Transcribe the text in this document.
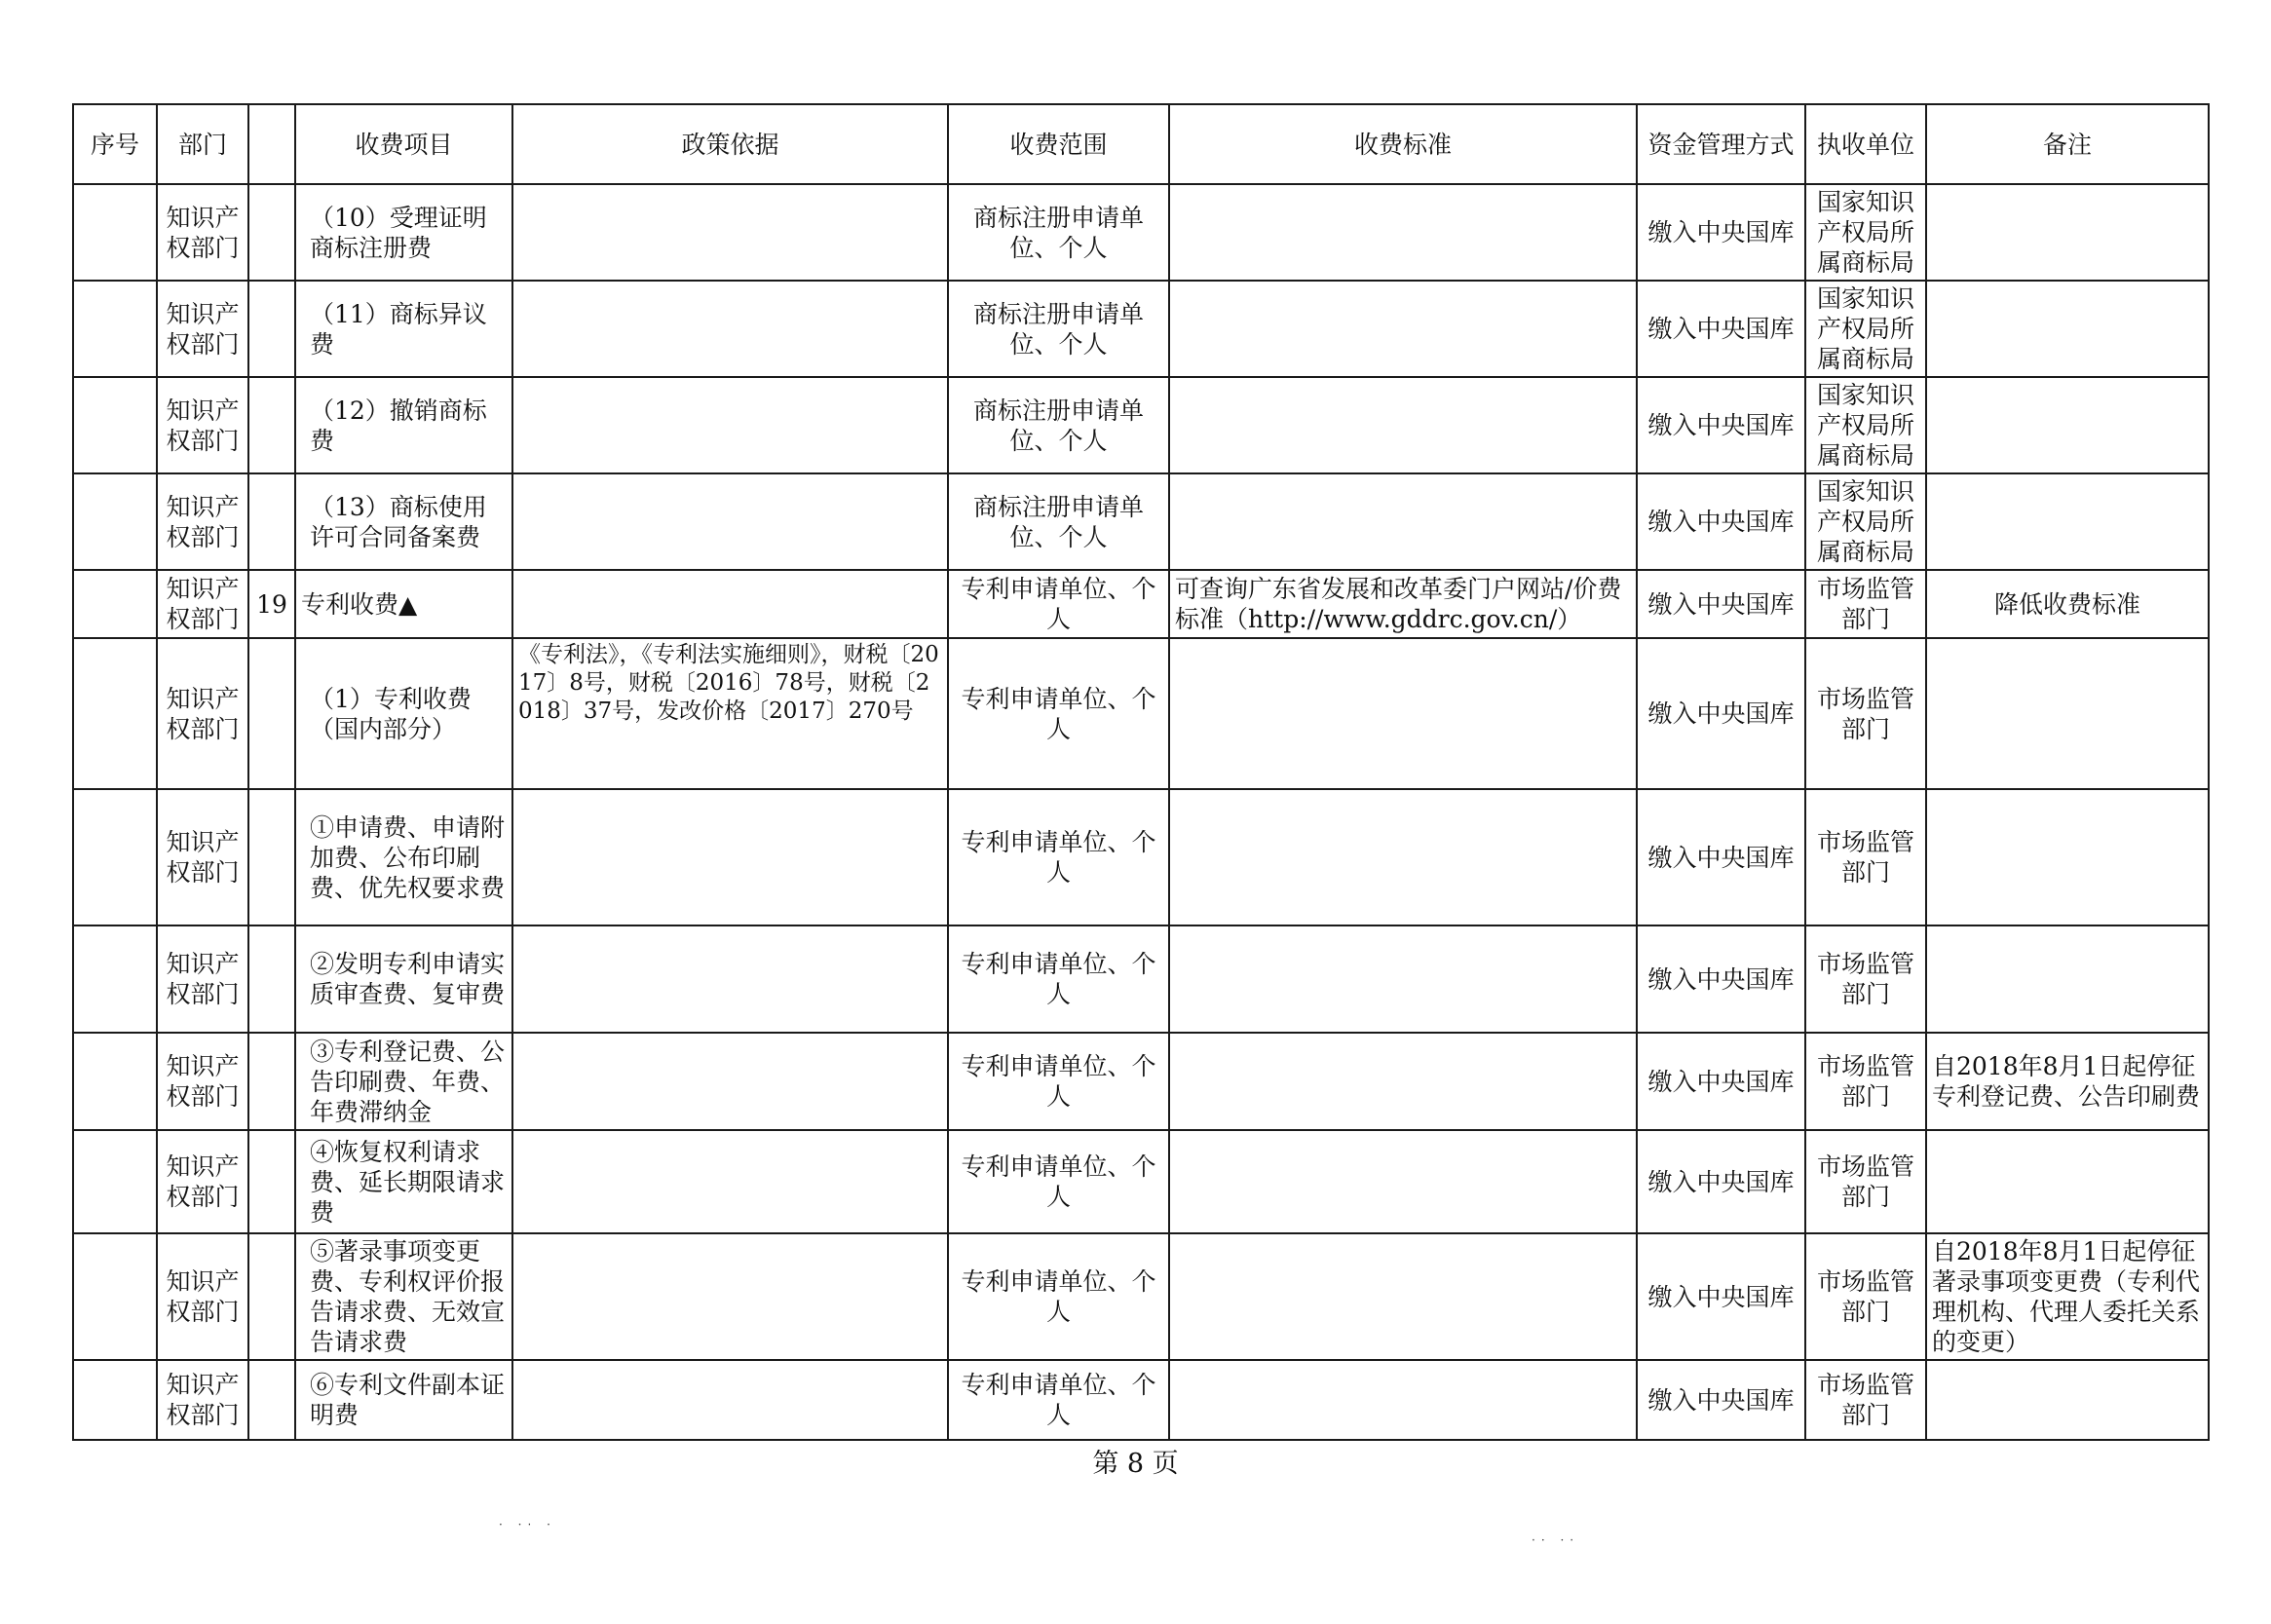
序号	部门		收费项目	政策依据	收费范围	收费标准	资金管理方式	执收单位	备注
	知识产权部门		（10）受理证明商标注册费		商标注册申请单位、个人		缴入中央国库	国家知识产权局所属商标局	
	知识产权部门		（11）商标异议费		商标注册申请单位、个人		缴入中央国库	国家知识产权局所属商标局	
	知识产权部门		（12）撤销商标费		商标注册申请单位、个人		缴入中央国库	国家知识产权局所属商标局	
	知识产权部门		（13）商标使用许可合同备案费		商标注册申请单位、个人		缴入中央国库	国家知识产权局所属商标局	
	知识产权部门	19	专利收费▲		专利申请单位、个人	可查询广东省发展和改革委门户网站/价费标准（http://www.gddrc.gov.cn/）	缴入中央国库	市场监管部门	降低收费标准
	知识产权部门		（1）专利收费（国内部分）	《专利法》，《专利法实施细则》，财税〔2017〕8号，财税〔2016〕78号，财税〔2018〕37号，发改价格〔2017〕270号	专利申请单位、个人		缴入中央国库	市场监管部门	
	知识产权部门		①申请费、申请附加费、公布印刷费、优先权要求费		专利申请单位、个人		缴入中央国库	市场监管部门	
	知识产权部门		②发明专利申请实质审查费、复审费		专利申请单位、个人		缴入中央国库	市场监管部门	
	知识产权部门		③专利登记费、公告印刷费、年费、年费滞纳金		专利申请单位、个人		缴入中央国库	市场监管部门	自2018年8月1日起停征专利登记费、公告印刷费
	知识产权部门		④恢复权利请求费、延长期限请求费		专利申请单位、个人		缴入中央国库	市场监管部门	
	知识产权部门		⑤著录事项变更费、专利权评价报告请求费、无效宣告请求费		专利申请单位、个人		缴入中央国库	市场监管部门	自2018年8月1日起停征著录事项变更费（专利代理机构、代理人委托关系的变更）
	知识产权部门		⑥专利文件副本证明费		专利申请单位、个人		缴入中央国库	市场监管部门	
第 8 页
· ·‧ ·
‧· ·‧
